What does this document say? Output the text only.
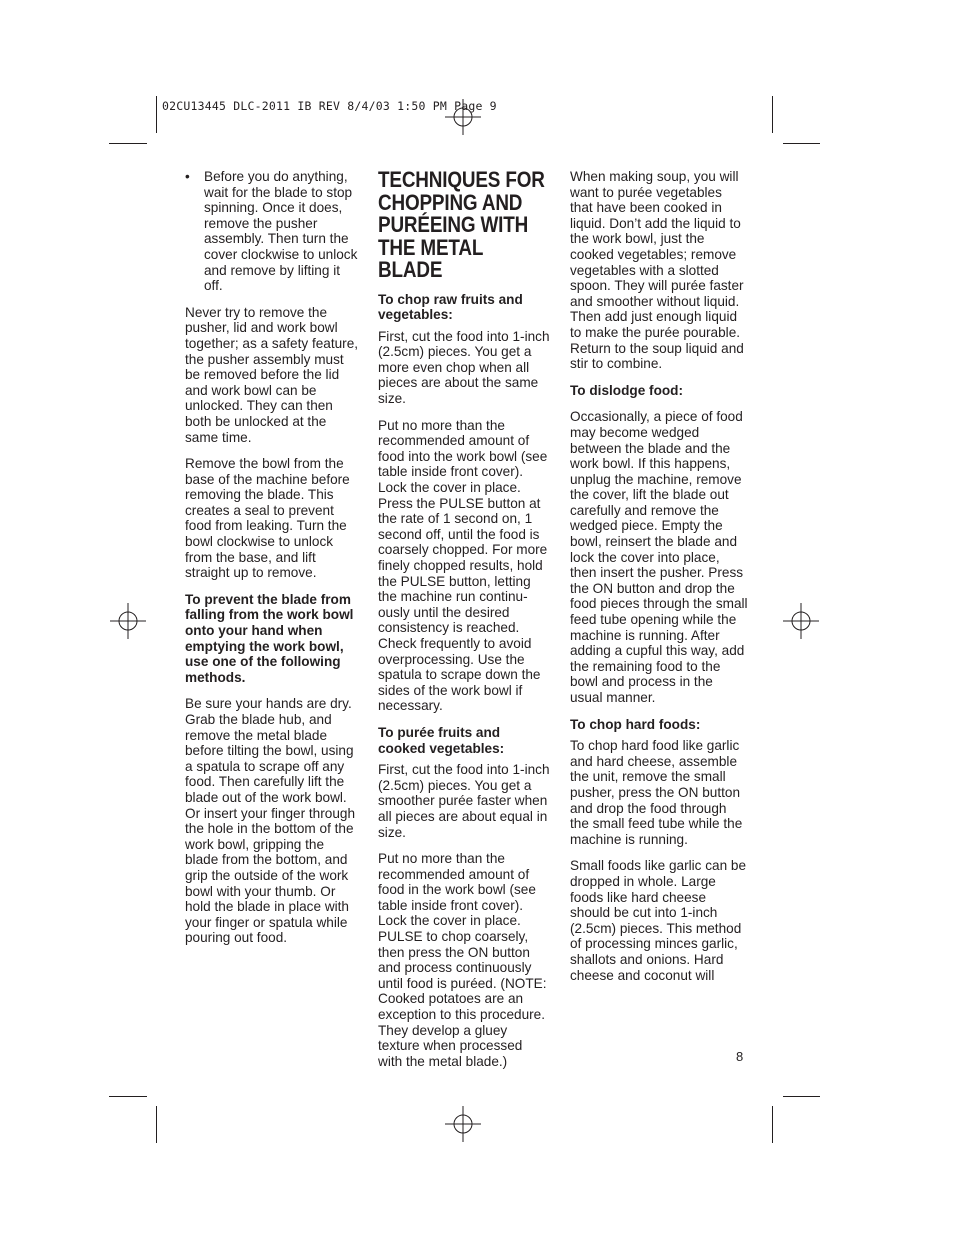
02CU13445 DLC-2011 IB REV 8/4/03 1:50 PM Page 9

• Before you do anything, wait for the blade to stop spinning. Once it does, remove the pusher assembly. Then turn the cover clockwise to unlock and remove by lifting it off.

Never try to remove the pusher, lid and work bowl together; as a safety feature, the pusher assembly must be removed before the lid and work bowl can be unlocked. They can then both be unlocked at the same time.

Remove the bowl from the base of the machine before removing the blade. This creates a seal to prevent food from leaking. Turn the bowl clockwise to unlock from the base, and lift straight up to remove.

To prevent the blade from falling from the work bowl onto your hand when emptying the work bowl, use one of the following methods.

Be sure your hands are dry. Grab the blade hub, and remove the metal blade before tilting the bowl, using a spatula to scrape off any food. Then carefully lift the blade out of the work bowl. Or insert your finger through the hole in the bottom of the work bowl, gripping the blade from the bottom, and grip the outside of the work bowl with your thumb. Or hold the blade in place with your finger or spatula while pouring out food.

TECHNIQUES FOR CHOPPING AND PURÉEING WITH THE METAL BLADE

To chop raw fruits and vegetables:

First, cut the food into 1-inch (2.5cm) pieces. You get a more even chop when all pieces are about the same size.

Put no more than the recommended amount of food into the work bowl (see table inside front cover). Lock the cover in place. Press the PULSE button at the rate of 1 second on, 1 second off, until the food is coarsely chopped. For more finely chopped results, hold the PULSE button, letting the machine run continu-ously until the desired consistency is reached. Check frequently to avoid overprocessing. Use the spatula to scrape down the sides of the work bowl if necessary.

To purée fruits and cooked vegetables:

First, cut the food into 1-inch (2.5cm) pieces. You get a smoother purée faster when all pieces are about equal in size.

Put no more than the recommended amount of food in the work bowl (see table inside front cover). Lock the cover in place. PULSE to chop coarsely, then press the ON button and process continuously until food is puréed. (NOTE: Cooked potatoes are an exception to this procedure. They develop a gluey texture when processed with the metal blade.)

When making soup, you will want to purée vegetables that have been cooked in liquid. Don’t add the liquid to the work bowl, just the cooked vegetables; remove vegetables with a slotted spoon. They will purée faster and smoother without liquid. Then add just enough liquid to make the purée pourable. Return to the soup liquid and stir to combine.

To dislodge food:

Occasionally, a piece of food may become wedged between the blade and the work bowl. If this happens, unplug the machine, remove the cover, lift the blade out carefully and remove the wedged piece. Empty the bowl, reinsert the blade and lock the cover into place, then insert the pusher. Press the ON button and drop the food pieces through the small feed tube opening while the machine is running. After adding a cupful this way, add the remaining food to the bowl and process in the usual manner.

To chop hard foods:

To chop hard food like garlic and hard cheese, assemble the unit, remove the small pusher, press the ON button and drop the food through the small feed tube while the machine is running.

Small foods like garlic can be dropped in whole. Large foods like hard cheese should be cut into 1-inch (2.5cm) pieces. This method of processing minces garlic, shallots and onions. Hard cheese and coconut will

8
